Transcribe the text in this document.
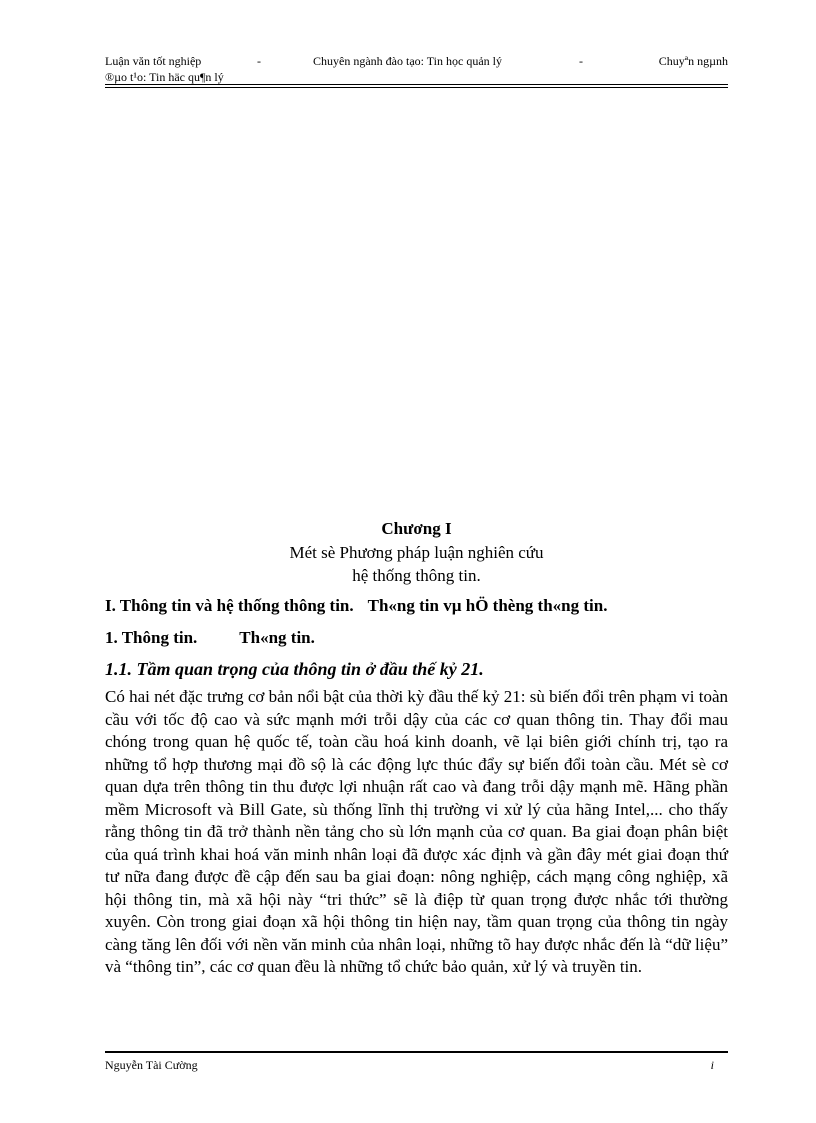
Luận văn tốt nghiệp	-	Chuyên ngành đào tạo: Tin học quản lý	-	Chuyªn ngµnh
®µo t¹o: Tin häc qu¶n lý
Chương I
Mét sè Phương pháp luận nghiên cứu
hệ thống thông tin.
I. Thông tin và hệ thống thông tin. Th«ng tin vµ hÖ thèng th«ng tin.
1. Thông tin. Th«ng tin.
1.1. Tầm quan trọng của thông tin ở đầu thế kỷ 21.

Có hai nét đặc trưng cơ bản nổi bật của thời kỳ đầu thế kỷ 21: sù biến đổi trên phạm vi toàn cầu với tốc độ cao và sức mạnh mới trỗi dậy của các cơ quan thông tin. Thay đổi mau chóng trong quan hệ quốc tế, toàn cầu hoá kinh doanh, vẽ lại biên giới chính trị, tạo ra những tổ hợp thương mại đồ sộ là các động lực thúc đẩy sự biến đổi toàn cầu. Mét sè cơ quan dựa trên thông tin thu được lợi nhuận rất cao và đang trỗi dậy mạnh mẽ. Hãng phần mềm Microsoft và Bill Gate, sù thống lĩnh thị trường vi xử lý của hãng Intel,... cho thấy rằng thông tin đã trở thành nền tảng cho sù lớn mạnh của cơ quan. Ba giai đoạn phân biệt của quá trình khai hoá văn minh nhân loại đã được xác định và gần đây mét giai đoạn thứ tư nữa đang được đề cập đến sau ba giai đoạn: nông nghiệp, cách mạng công nghiệp, xã hội thông tin, mà xã hội này “tri thức” sẽ là điệp từ quan trọng được nhắc tới thường xuyên. Còn trong giai đoạn xã hội thông tin hiện nay, tầm quan trọng của thông tin ngày càng tăng lên đối với nền văn minh của nhân loại, những tõ hay được nhắc đến là “dữ liệu” và “thông tin”, các cơ quan đều là những tổ chức bảo quản, xử lý và truyền tin.

Nguyễn Tài Cường	i
